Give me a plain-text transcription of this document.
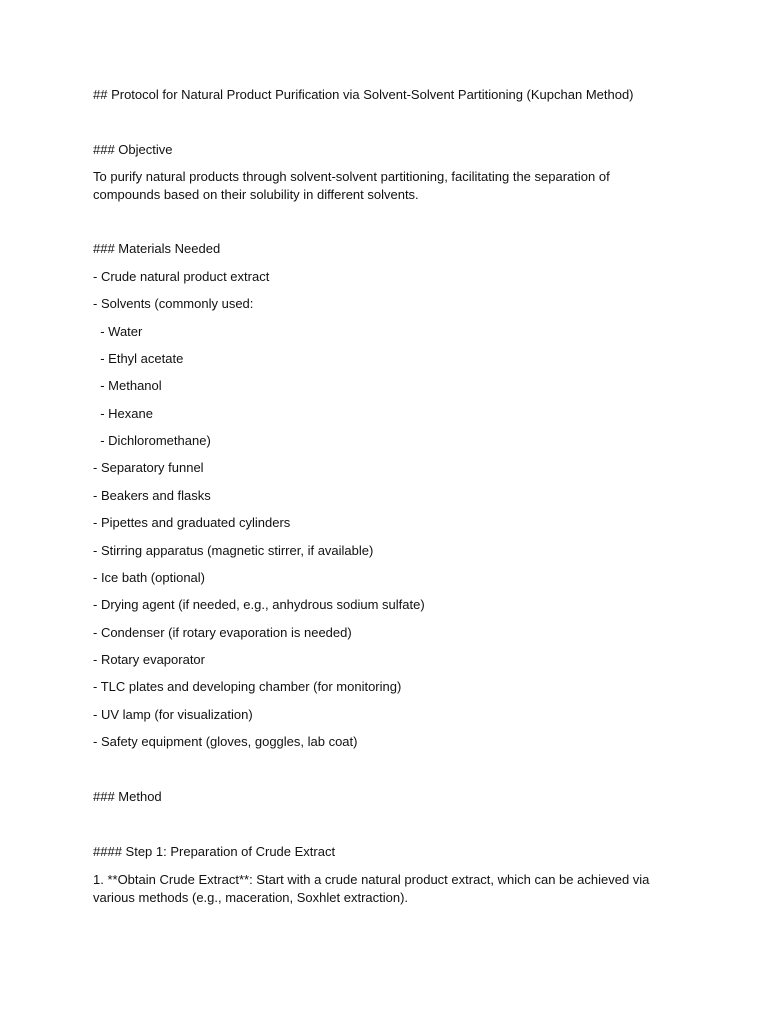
## Protocol for Natural Product Purification via Solvent-Solvent Partitioning (Kupchan Method)
### Objective
To purify natural products through solvent-solvent partitioning, facilitating the separation of compounds based on their solubility in different solvents.
### Materials Needed
- Crude natural product extract
- Solvents (commonly used:
- Water
- Ethyl acetate
- Methanol
- Hexane
- Dichloromethane)
- Separatory funnel
- Beakers and flasks
- Pipettes and graduated cylinders
- Stirring apparatus (magnetic stirrer, if available)
- Ice bath (optional)
- Drying agent (if needed, e.g., anhydrous sodium sulfate)
- Condenser (if rotary evaporation is needed)
- Rotary evaporator
- TLC plates and developing chamber (for monitoring)
- UV lamp (for visualization)
- Safety equipment (gloves, goggles, lab coat)
### Method
#### Step 1: Preparation of Crude Extract
1. **Obtain Crude Extract**: Start with a crude natural product extract, which can be achieved via various methods (e.g., maceration, Soxhlet extraction).
